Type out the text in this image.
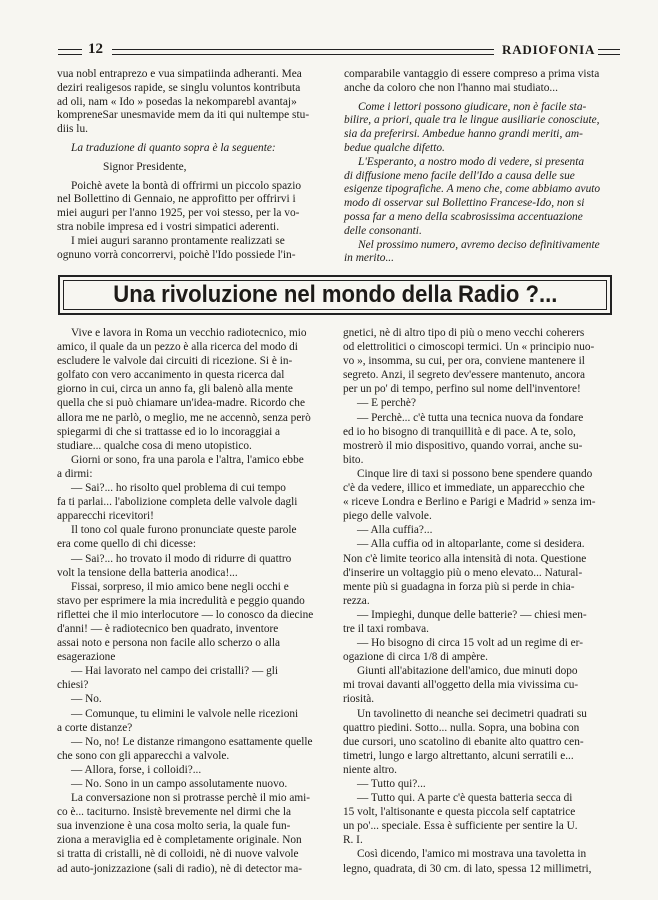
12	RADIOFONIA

vua nobl entraprezo e vua simpatiinda adheranti. Mea

deziri realigesos rapide, se singlu voluntos kontributa

ad oli, nam « Ido » posedas la nekomparebl avantaj»

kompreneSar unesmavide mem da iti qui nultempe stu-

diis lu.

La traduzione di quanto sopra è la seguente:

Signor Presidente,

Poichè avete la bontà di offrirmi un piccolo spazio

nel Bollettino di Gennaio, ne approfitto per offrirvi i

miei auguri per l'anno 1925, per voi stesso, per la vo-

stra nobile impresa ed i vostri simpatici aderenti.

I miei auguri saranno prontamente realizzati se

ognuno vorrà concorrervi, poichè l'Ido possiede l'in-

comparabile vantaggio di essere compreso a prima vista

anche da coloro che non l'hanno mai studiato...

Come i lettori possono giudicare, non è facile sta-

bilire, a priori, quale tra le lingue ausiliarie conosciute,

sia da preferirsi. Ambedue hanno grandi meriti, am-

bedue qualche difetto.

L'Esperanto, a nostro modo di vedere, si presenta

di diffusione meno facile dell'Ido a causa delle sue

esigenze tipografiche. A meno che, come abbiamo avuto

modo di osservar sul Bollettino Francese-Ido, non si

possa far a meno della scabrosissima accentuazione

delle consonanti.

Nel prossimo numero, avremo deciso definitivamente

in merito...

Una rivoluzione nel mondo della Radio ?...

Vive e lavora in Roma un vecchio radiotecnico, mio

amico, il quale da un pezzo è alla ricerca del modo di

escludere le valvole dai circuiti di ricezione. Si è in-

golfato con vero accanimento in questa ricerca dal

giorno in cui, circa un anno fa, gli balenò alla mente

quella che si può chiamare un'idea-madre. Ricordo che

allora me ne parlò, o meglio, me ne accennò, senza però

spiegarmi di che si trattasse ed io lo incoraggiai a

studiare... qualche cosa di meno utopistico.

Giorni or sono, fra una parola e l'altra, l'amico ebbe

a dirmi:

— Sai?... ho risolto quel problema di cui tempo

fa ti parlai... l'abolizione completa delle valvole dagli

apparecchi ricevitori!

Il tono col quale furono pronunciate queste parole

era come quello di chi dicesse:

— Sai?... ho trovato il modo di ridurre di quattro

volt la tensione della batteria anodica!...

Fissai, sorpreso, il mio amico bene negli occhi e

stavo per esprimere la mia incredulità e peggio quando

riflettei che il mio interlocutore — lo conosco da diecine

d'anni! — è radiotecnico ben quadrato, inventore

assai noto e persona non facile allo scherzo o alla

esagerazione

— Hai lavorato nel campo dei cristalli? — gli

chiesi?

— No.

— Comunque, tu elimini le valvole nelle ricezioni

a corte distanze?

— No, no! Le distanze rimangono esattamente quelle

che sono con gli apparecchi a valvole.

— Allora, forse, i colloidi?...

— No. Sono in un campo assolutamente nuovo.

La conversazione non si protrasse perchè il mio ami-

co è... taciturno. Insistè brevemente nel dirmi che la

sua invenzione è una cosa molto seria, la quale fun-

ziona a meraviglia ed è completamente originale. Non

si tratta di cristalli, nè di colloidi, nè di nuove valvole

ad auto-jonizzazione (sali di radio), nè di detector ma-

gnetici, nè di altro tipo di più o meno vecchi coherers

od elettrolitici o cimoscopi termici. Un « principio nuo-

vo », insomma, su cui, per ora, conviene mantenere il

segreto. Anzi, il segreto dev'essere mantenuto, ancora

per un po' di tempo, perfino sul nome dell'inventore!

— E perchè?

— Perchè... c'è tutta una tecnica nuova da fondare

ed io ho bisogno di tranquillità e di pace. A te, solo,

mostrerò il mio dispositivo, quando vorrai, anche su-

bito.

Cinque lire di taxi si possono bene spendere quando

c'è da vedere, illico et immediate, un apparecchio che

« riceve Londra e Berlino e Parigi e Madrid » senza im-

piego delle valvole.

— Alla cuffia?...

— Alla cuffia od in altoparlante, come si desidera.

Non c'è limite teorico alla intensità di nota. Questione

d'inserire un voltaggio più o meno elevato... Natural-

mente più si guadagna in forza più si perde in chia-

rezza.

— Impieghi, dunque delle batterie? — chiesi men-

tre il taxi rombava.

— Ho bisogno di circa 15 volt ad un regime di er-

ogazione di circa 1/8 di ampère.

Giunti all'abitazione dell'amico, due minuti dopo

mi trovai davanti all'oggetto della mia vivissima cu-

riosità.

Un tavolinetto di neanche sei decimetri quadrati su

quattro piedini. Sotto... nulla. Sopra, una bobina con

due cursori, uno scatolino di ebanite alto quattro cen-

timetri, lungo e largo altrettanto, alcuni serratili e...

niente altro.

— Tutto qui?...

— Tutto qui. A parte c'è questa batteria secca di

15 volt, l'altisonante e questa piccola self captatrice

un po'... speciale. Essa è sufficiente per sentire la U.

R. I.

Così dicendo, l'amico mi mostrava una tavoletta in

legno, quadrata, di 30 cm. di lato, spessa 12 millimetri,
